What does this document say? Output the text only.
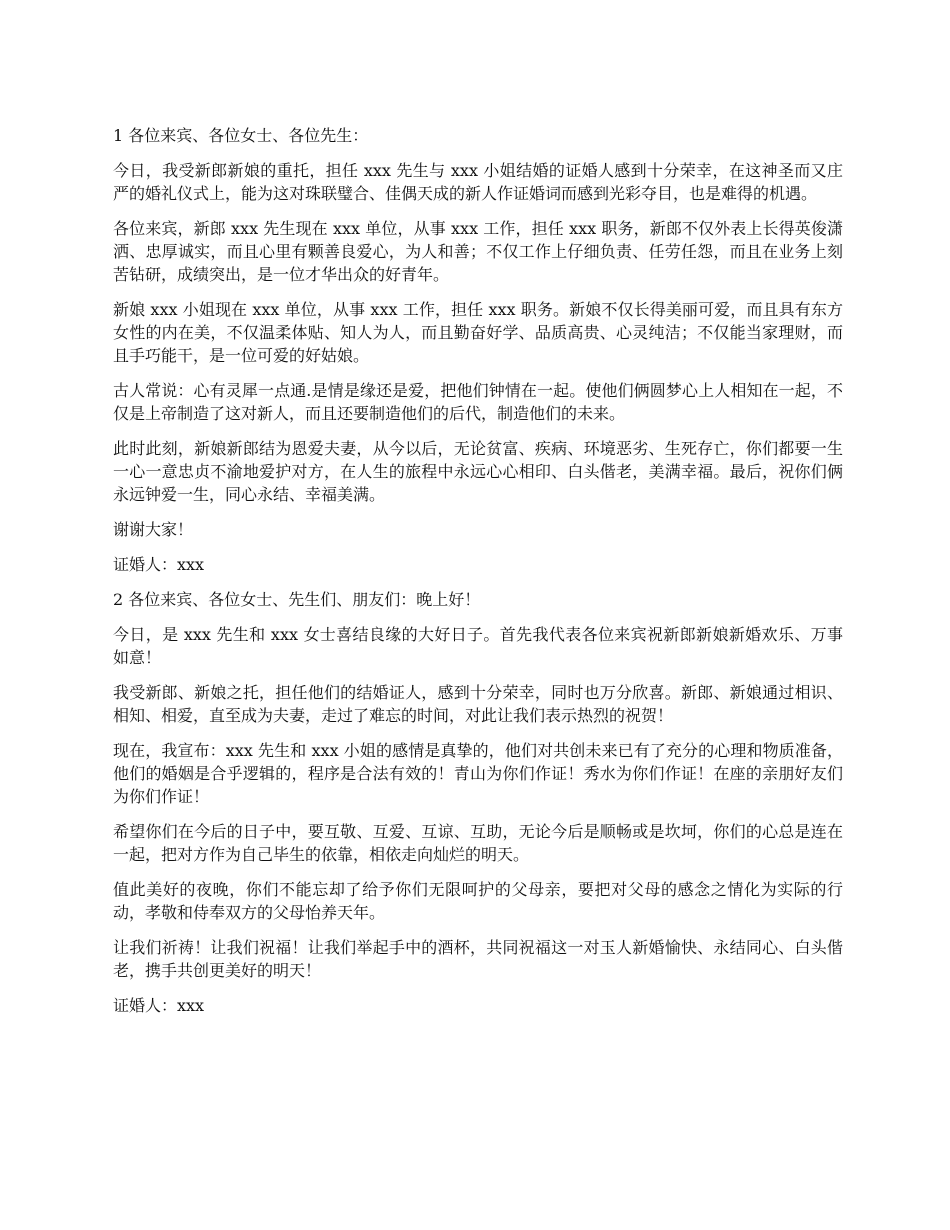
1 各位来宾、各位女士、各位先生：

今日，我受新郎新娘的重托，担任 xxx 先生与 xxx 小姐结婚的证婚人感到十分荣幸，在这神圣而又庄严的婚礼仪式上，能为这对珠联璧合、佳偶天成的新人作证婚词而感到光彩夺目，也是难得的机遇。

各位来宾，新郎 xxx 先生现在 xxx 单位，从事 xxx 工作，担任 xxx 职务，新郎不仅外表上长得英俊潇洒、忠厚诚实，而且心里有颗善良爱心，为人和善；不仅工作上仔细负责、任劳任怨，而且在业务上刻苦钻研，成绩突出，是一位才华出众的好青年。

新娘 xxx 小姐现在 xxx 单位，从事 xxx 工作，担任 xxx 职务。新娘不仅长得美丽可爱，而且具有东方女性的内在美，不仅温柔体贴、知人为人，而且勤奋好学、品质高贵、心灵纯洁；不仅能当家理财，而且手巧能干，是一位可爱的好姑娘。

古人常说：心有灵犀一点通.是情是缘还是爱，把他们钟情在一起。使他们俩圆梦心上人相知在一起，不仅是上帝制造了这对新人，而且还要制造他们的后代，制造他们的未来。

此时此刻，新娘新郎结为恩爱夫妻，从今以后，无论贫富、疾病、环境恶劣、生死存亡，你们都要一生一心一意忠贞不渝地爱护对方，在人生的旅程中永远心心相印、白头偕老，美满幸福。最后，祝你们俩永远钟爱一生，同心永结、幸福美满。

谢谢大家！

证婚人：xxx

2 各位来宾、各位女士、先生们、朋友们：晚上好！

今日，是 xxx 先生和 xxx 女士喜结良缘的大好日子。首先我代表各位来宾祝新郎新娘新婚欢乐、万事如意！

我受新郎、新娘之托，担任他们的结婚证人，感到十分荣幸，同时也万分欣喜。新郎、新娘通过相识、相知、相爱，直至成为夫妻，走过了难忘的时间，对此让我们表示热烈的祝贺！

现在，我宣布：xxx 先生和 xxx 小姐的感情是真挚的，他们对共创未来已有了充分的心理和物质准备，他们的婚姻是合乎逻辑的，程序是合法有效的！青山为你们作证！秀水为你们作证！在座的亲朋好友们为你们作证！

希望你们在今后的日子中，要互敬、互爱、互谅、互助，无论今后是顺畅或是坎坷，你们的心总是连在一起，把对方作为自己毕生的依靠，相依走向灿烂的明天。

值此美好的夜晚，你们不能忘却了给予你们无限呵护的父母亲，要把对父母的感念之情化为实际的行动，孝敬和侍奉双方的父母怡养天年。

让我们祈祷！让我们祝福！让我们举起手中的酒杯，共同祝福这一对玉人新婚愉快、永结同心、白头偕老，携手共创更美好的明天！

证婚人：xxx
